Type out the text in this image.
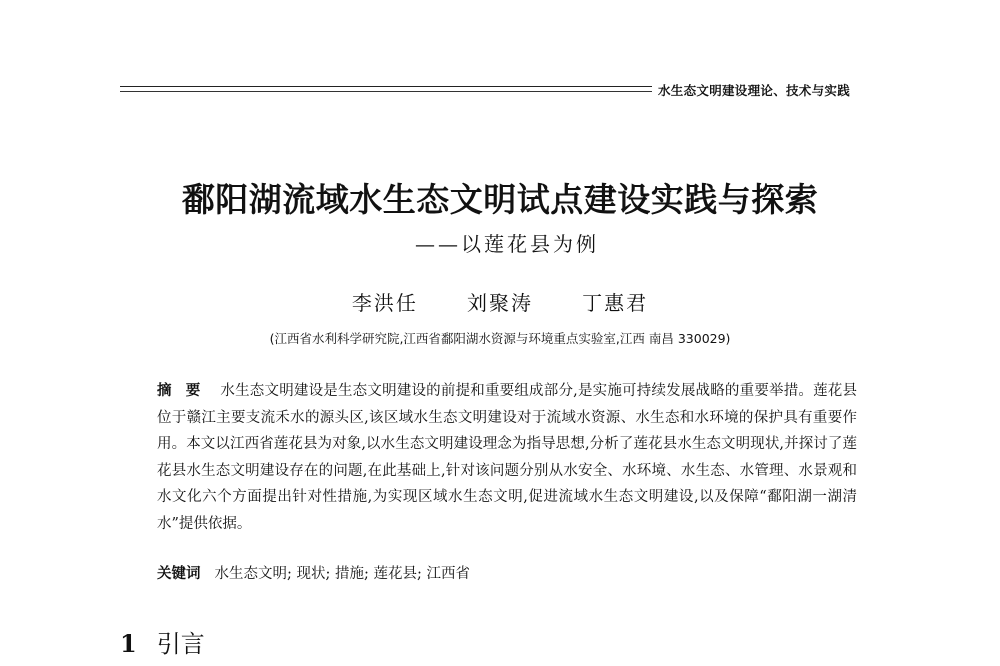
水生态文明建设理论、技术与实践
鄱阳湖流域水生态文明试点建设实践与探索
——以莲花县为例
李洪任   刘聚涛   丁惠君
(江西省水利科学研究院,江西省鄱阳湖水资源与环境重点实验室,江西 南昌 330029)
摘要 水生态文明建设是生态文明建设的前提和重要组成部分,是实施可持续发展战略的重要举措。莲花县位于赣江主要支流禾水的源头区,该区域水生态文明建设对于流域水资源、水生态和水环境的保护具有重要作用。本文以江西省莲花县为对象,以水生态文明建设理念为指导思想,分析了莲花县水生态文明现状,并探讨了莲花县水生态文明建设存在的问题,在此基础上,针对该问题分别从水安全、水环境、水生态、水管理、水景观和水文化六个方面提出针对性措施,为实现区域水生态文明,促进流域水生态文明建设,以及保障“鄱阳湖一湖清水”提供依据。
关键词 水生态文明; 现状; 措施; 莲花县; 江西省
1 引言
